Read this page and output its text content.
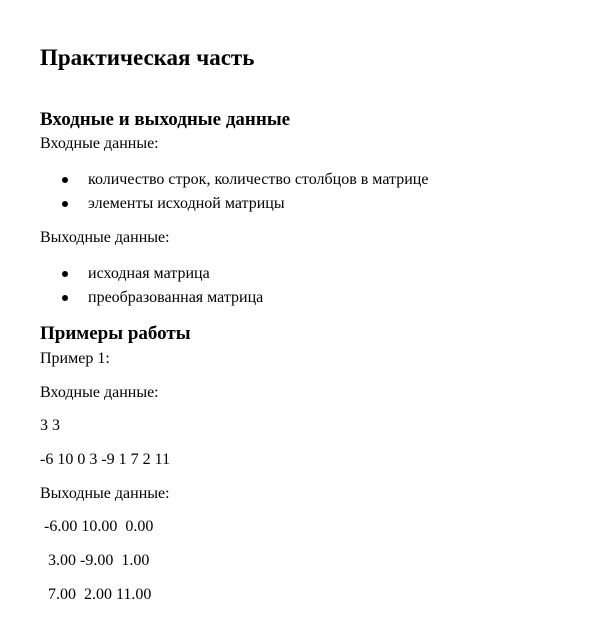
Практическая часть
Входные и выходные данные

Входные данные:

количество строк, количество столбцов в матрице
элементы исходной матрицы

Выходные данные:

исходная матрица
преобразованная матрица
Примеры работы

Пример 1:

Входные данные:

3 3

-6 10 0 3 -9 1 7 2 11

Выходные данные:

-6.00 10.00  0.00

3.00 -9.00  1.00

7.00  2.00 11.00
